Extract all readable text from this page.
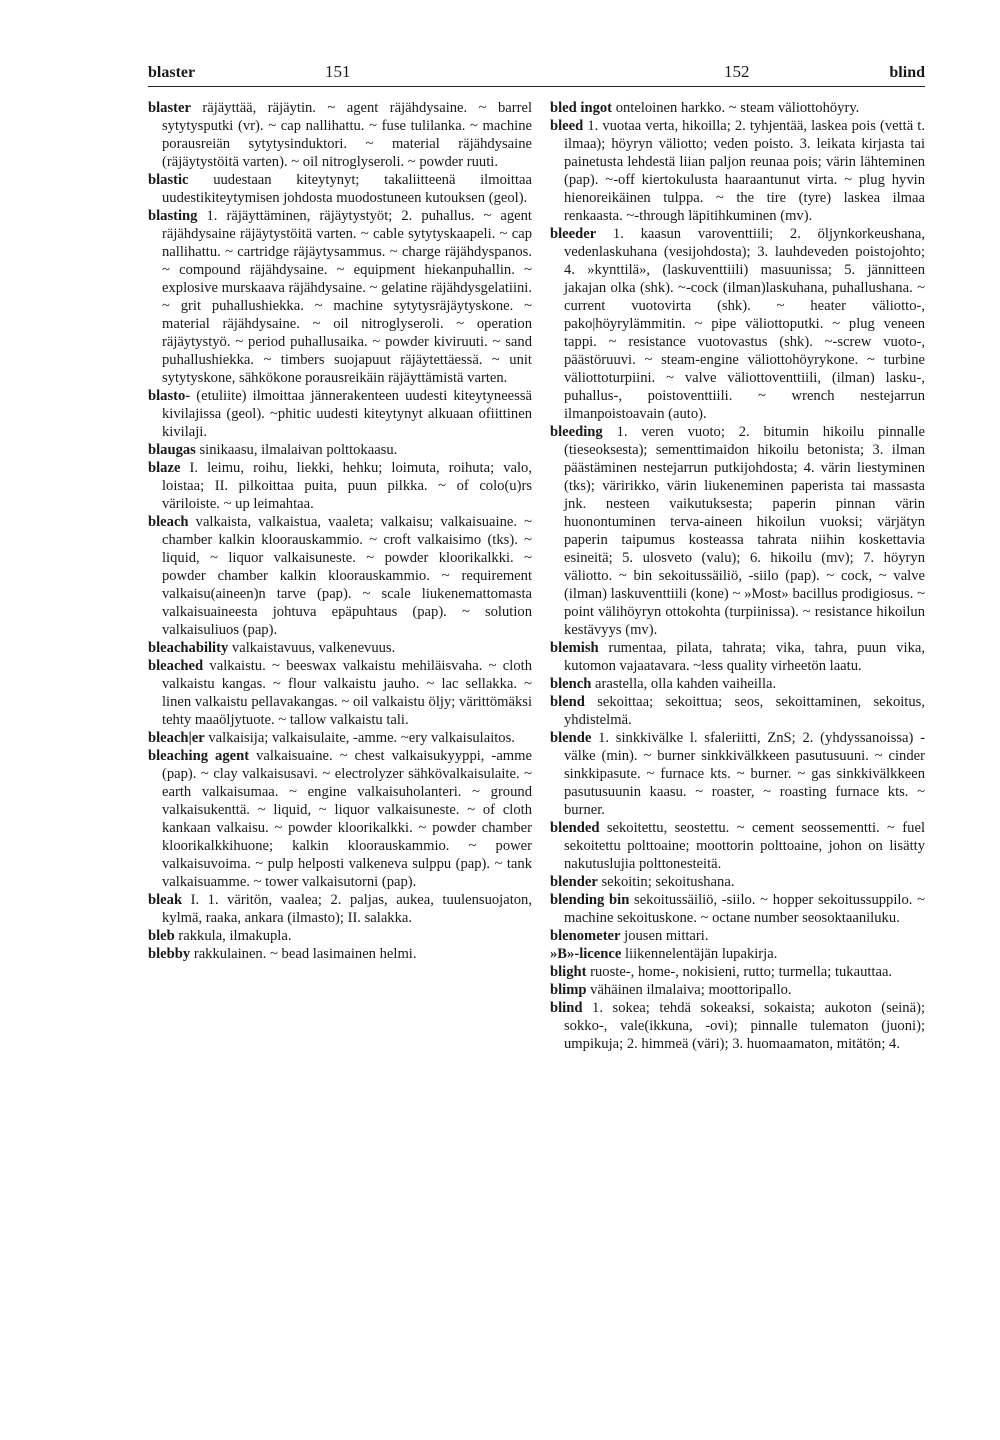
blaster	151	152	blind

blaster räjäyttää, räjäytin. ~ agent räjähdysaine. ~ barrel sytytysputki (vr). ~ cap nallihattu. ~ fuse tulilanka. ~ machine porausreiän sytytysinduktori. ~ material räjähdysaine (räjäytystöitä varten). ~ oil nitroglyseroli. ~ powder ruuti.

blastic uudestaan kiteytynyt; takaliitteenä ilmoittaa uudestikiteytymisen johdosta muodostuneen kutouksen (geol).

blasting 1. räjäyttäminen, räjäytystyöt; 2. puhallus. ~ agent räjähdysaine räjäytystöitä varten. ~ cable sytytyskaapeli. ~ cap nallihattu. ~ cartridge räjäytysammus. ~ charge räjähdyspanos. ~ compound räjähdysaine. ~ equipment hiekanpuhallin. ~ explosive murskaava räjähdysaine. ~ gelatine räjähdysgelatiini. ~ grit puhallushiekka. ~ machine sytytysräjäytyskone. ~ material räjähdysaine. ~ oil nitroglyseroli. ~ operation räjäytystyö. ~ period puhallusaika. ~ powder kiviruuti. ~ sand puhallushiekka. ~ timbers suojapuut räjäytettäessä. ~ unit sytytyskone, sähkökone porausreikäin räjäyttämistä varten.

blasto- (etuliite) ilmoittaa jännerakenteen uudesti kiteytyneessä kivilajissa (geol). ~phitic uudesti kiteytynyt alkuaan ofiittinen kivilaji.

blaugas sinikaasu, ilmalaivan polttokaasu.

blaze I. leimu, roihu, liekki, hehku; loimuta, roihuta; valo, loistaa; II. pilkoittaa puita, puun pilkka. ~ of colo(u)rs väriloiste. ~ up leimahtaa.

bleach valkaista, valkaistua, vaaleta; valkaisu; valkaisuaine. ~ chamber kalkin kloorauskammio. ~ croft valkaisimo (tks). ~ liquid, ~ liquor valkaisuneste. ~ powder kloorikalkki. ~ powder chamber kalkin kloorauskammio. ~ requirement valkaisu(aineen)n tarve (pap). ~ scale liukenemattomasta valkaisuaineesta johtuva epäpuhtaus (pap). ~ solution valkaisuliuos (pap).

bleachability valkaistavuus, valkenevuus.

bleached valkaistu. ~ beeswax valkaistu mehiläisvaha. ~ cloth valkaistu kangas. ~ flour valkaistu jauho. ~ lac sellakka. ~ linen valkaistu pellavakangas. ~ oil valkaistu öljy; värittömäksi tehty maaöljytuote. ~ tallow valkaistu tali.

bleach|er valkaisija; valkaisulaite, -amme. ~ery valkaisulaitos.

bleaching agent valkaisuaine. ~ chest valkaisukyyppi, -amme (pap). ~ clay valkaisusavi. ~ electrolyzer sähkövalkaisulaite. ~ earth valkaisumaa. ~ engine valkaisuholanteri. ~ ground valkaisukenttä. ~ liquid, ~ liquor valkaisuneste. ~ of cloth kankaan valkaisu. ~ powder kloorikalkki. ~ powder chamber kloorikalkkihuone; kalkin kloorauskammio. ~ power valkaisuvoima. ~ pulp helposti valkeneva sulppu (pap). ~ tank valkaisuamme. ~ tower valkaisutorni (pap).

bleak I. 1. väritön, vaalea; 2. paljas, aukea, tuulensuojaton, kylmä, raaka, ankara (ilmasto); II. salakka.

bleb rakkula, ilmakupla.

blebby rakkulainen. ~ bead lasimainen helmi.

bled ingot onteloinen harkko. ~ steam väliottohöyry.

bleed 1. vuotaa verta, hikoilla; 2. tyhjentää, laskea pois (vettä t. ilmaa); höyryn väliotto; veden poisto. 3. leikata kirjasta tai painetusta lehdestä liian paljon reunaa pois; värin lähteminen (pap). ~-off kiertokulusta haaraantunut virta. ~ plug hyvin hienoreikäinen tulppa. ~ the tire (tyre) laskea ilmaa renkaasta. ~-through läpitihkuminen (mv).

bleeder 1. kaasun varoventtiili; 2. öljynkorkeushana, vedenlaskuhana (vesijohdosta); 3. lauhdeveden poistojohto; 4. »kynttilä», (laskuventtiili) masuunissa; 5. jännitteen jakajan olka (shk). ~-cock (ilman)laskuhana, puhallushana. ~ current vuotovirta (shk). ~ heater väliotto-, pako|höyrylämmitin. ~ pipe väliottoputki. ~ plug veneen tappi. ~ resistance vuotovastus (shk). ~-screw vuoto-, päästöruuvi. ~ steam-engine väliottohöyrykone. ~ turbine väliottoturpiini. ~ valve väliottoventtiili, (ilman) lasku-, puhallus-, poistoventtiili. ~ wrench nestejarrun ilmanpoistoavain (auto).

bleeding 1. veren vuoto; 2. bitumin hikoilu pinnalle (tieseoksesta); sementtimaidon hikoilu betonista; 3. ilman päästäminen nestejarrun putkijohdosta; 4. värin liestyminen (tks); väririkko, värin liukeneminen paperista tai massasta jnk. nesteen vaikutuksesta; paperin pinnan värin huonontuminen terva-aineen hikoilun vuoksi; värjätyn paperin taipumus kosteassa tahrata niihin koskettavia esineitä; 5. ulosveto (valu); 6. hikoilu (mv); 7. höyryn väliotto. ~ bin sekoitussäiliö, -siilo (pap). ~ cock, ~ valve (ilman) laskuventtiili (kone) ~ »Most» bacillus prodigiosus. ~ point välihöyryn ottokohta (turpiinissa). ~ resistance hikoilun kestävyys (mv).

blemish rumentaa, pilata, tahrata; vika, tahra, puun vika, kutomon vajaatavara. ~less quality virheetön laatu.

blench arastella, olla kahden vaiheilla.

blend sekoittaa; sekoittua; seos, sekoittaminen, sekoitus, yhdistelmä.

blende 1. sinkkivälke l. sfaleriitti, ZnS; 2. (yhdyssanoissa) -välke (min). ~ burner sinkkivälkkeen pasutusuuni. ~ cinder sinkkipasute. ~ furnace kts. ~ burner. ~ gas sinkkivälkkeen pasutusuunin kaasu. ~ roaster, ~ roasting furnace kts. ~ burner.

blended sekoitettu, seostettu. ~ cement seossementti. ~ fuel sekoitettu polttoaine; moottorin polttoaine, johon on lisätty nakutuslujia polttonesteitä.

blender sekoitin; sekoitushana.

blending bin sekoitussäiliö, -siilo. ~ hopper sekoitussuppilo. ~ machine sekoituskone. ~ octane number seosoktaaniluku.

blenometer jousen mittari.

»B»-licence liikennelentäjän lupakirja.

blight ruoste-, home-, nokisieni, rutto; turmella; tukauttaa.

blimp vähäinen ilmalaiva; moottoripallo.

blind 1. sokea; tehdä sokeaksi, sokaista; aukoton (seinä); sokko-, vale(ikkuna, -ovi); pinnalle tulematon (juoni); umpikuja; 2. himmeä (väri); 3. huomaamaton, mitätön; 4.
